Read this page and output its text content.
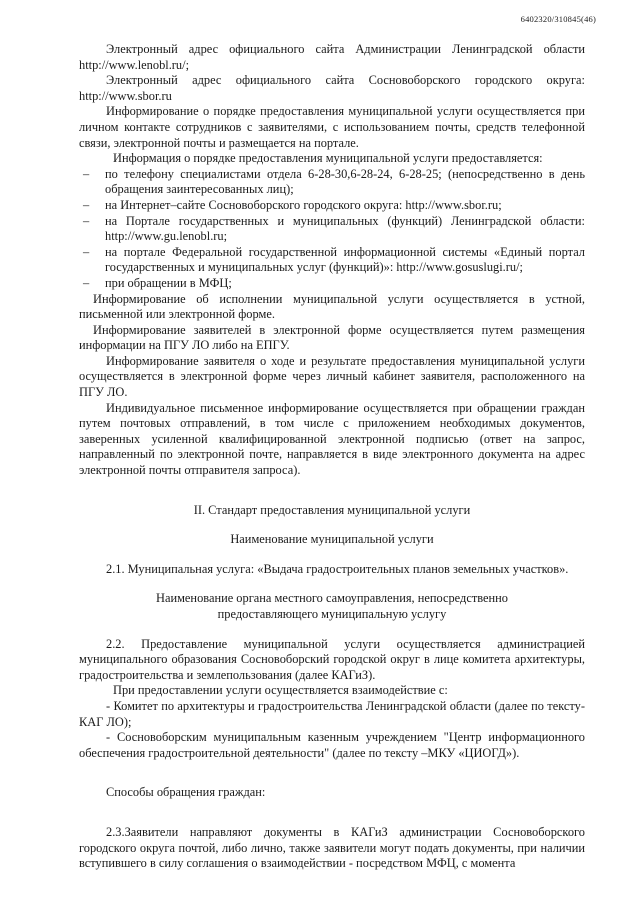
6402320/310845(46)

Электронный адрес официального сайта Администрации Ленинградской области http://www.lenobl.ru/;

Электронный адрес официального сайта Сосновоборского городского округа: http://www.sbor.ru

Информирование о порядке предоставления муниципальной услуги осуществляется при личном контакте сотрудников с заявителями, с использованием почты, средств телефонной связи, электронной почты и размещается на портале.

Информация о порядке предоставления муниципальной услуги предоставляется:

–	по телефону специалистами отдела 6-28-30,6-28-24, 6-28-25; (непосредственно в день обращения заинтересованных лиц);
–	на Интернет–сайте Сосновоборского городского округа: http://www.sbor.ru;
–	на Портале государственных и муниципальных (функций) Ленинградской области: http://www.gu.lenobl.ru;
–	на портале Федеральной государственной информационной системы «Единый портал государственных и муниципальных услуг (функций)»: http://www.gosuslugi.ru/;
–	при обращении в МФЦ;

Информирование об исполнении муниципальной услуги осуществляется в устной, письменной или электронной форме.

Информирование заявителей в электронной форме осуществляется путем размещения информации на ПГУ ЛО либо на ЕПГУ.

Информирование заявителя о ходе и результате предоставления муниципальной услуги осуществляется в электронной форме через личный кабинет заявителя, расположенного на ПГУ ЛО.

Индивидуальное письменное информирование осуществляется при обращении граждан путем почтовых отправлений, в том числе с приложением необходимых документов, заверенных усиленной квалифицированной электронной подписью (ответ на запрос, направленный по электронной почте, направляется в виде электронного документа на адрес электронной почты отправителя запроса).

II. Стандарт предоставления муниципальной услуги

Наименование муниципальной услуги

2.1. Муниципальная услуга: «Выдача градостроительных планов земельных участков».

Наименование органа местного самоуправления, непосредственно

предоставляющего муниципальную услугу

2.2. Предоставление муниципальной услуги осуществляется администрацией муниципального образования Сосновоборский городской округ в лице комитета архитектуры, градостроительства и землепользования (далее КАГиЗ).

При предоставлении услуги осуществляется взаимодействие с:

- Комитет по архитектуры и градостроительства Ленинградской области (далее по тексту- КАГ ЛО);

- Сосновоборским муниципальным казенным учреждением "Центр информационного обеспечения градостроительной деятельности" (далее по тексту –МКУ «ЦИОГД»).

Способы обращения граждан:

2.3.Заявители направляют документы в КАГиЗ администрации Сосновоборского городского округа почтой, либо лично, также заявители могут подать документы, при наличии вступившего в силу соглашения о взаимодействии - посредством МФЦ, с момента
